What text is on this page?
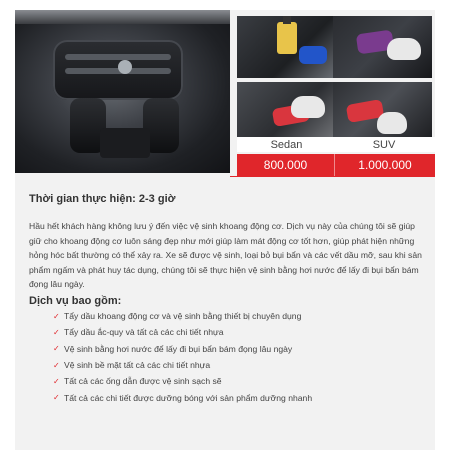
Sedan	SUV
800.000	1.000.000
Thời gian thực hiện: 2-3 giờ

Hầu hết khách hàng không lưu ý đến việc vệ sinh khoang động cơ. Dịch vụ này của chúng tôi sẽ giúp giữ cho khoang động cơ luôn sáng đẹp như mới giúp làm mát động cơ tốt hơn, giúp phát hiện những hỏng hóc bất thường có thể xảy ra. Xe sẽ được vệ sinh, loại bỏ bụi bẩn và các vết dầu mỡ, sau khi sản phẩm ngấm và phát huy tác dụng, chúng tôi sẽ thực hiện vệ sinh bằng hơi nước để lấy đi bụi bẩn bám đọng lâu ngày.

Dịch vụ bao gồm:
✓ Tẩy dầu khoang động cơ và vệ sinh bằng thiết bị chuyên dụng
✓ Tẩy dầu ắc-quy và tất cả các chi tiết nhựa
✓ Vệ sinh bằng hơi nước để lấy đi bụi bẩn bám đọng lâu ngày
✓ Vệ sinh bề mặt tất cả các chi tiết nhựa
✓ Tất cả các ống dẫn được vệ sinh sạch sẽ
✓ Tất cả các chi tiết được dưỡng bóng với sản phẩm dưỡng nhanh
